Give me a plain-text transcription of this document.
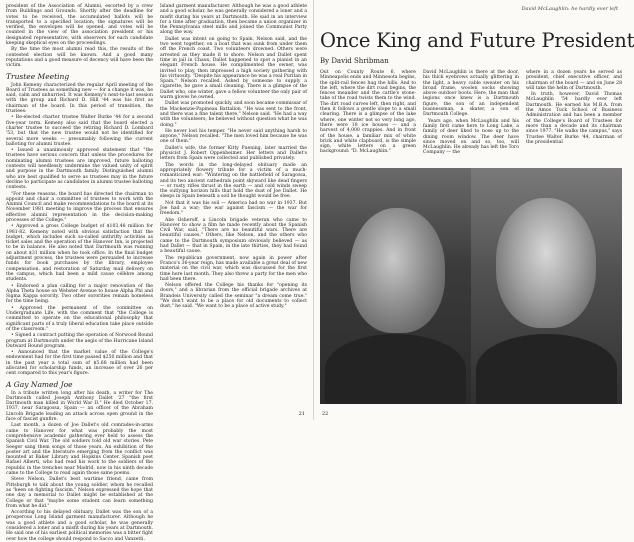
president of the Association of Alumni, escorted by a crew from Buildings and Grounds. Shortly after the deadline for votes to be received, the accumulated ballots will be transported to a specified location; the signatures will be verified, the envelopes will be opened, and votes will be counted in the view of the association president or his designated representative, with observers for each candidate keeping skeptical eyes on the proceedings.

By the time the most alumni read this, the results of the contested election will be known. And a good many reputations and a good measure of decency will have been the victim.

Trustee Meeting

John Kemeny characterized the regular April meeting of the Board of Trustees as something new — for a change it was, he said, calm and unhurried. It was Kemeny's next-to-last session with the group and Richard D. Hill '44 was his first as chairman of the board. In this period of transition, the trustees:

• Re-elected charter trustee Walter Burke '44 for a second five-year term. Kemeny also said that the board elected a charter trustee to succeed the retiring Richard D. Lombard '53, but that the new trustee would not be identified for several more weeks — presumably following the current balloting for alumni trustee.

• Issued a unanimously approved statement that "the trustees have serious concern that unless the procedures for nominating alumni trustees are improved, future balloting contests will needlessly undermine the valued unity of spirit and purpose in the Dartmouth family. Distinguished alumni who are best qualified to serve as trustees may in the future decline to participate as candidates in alumni trustee balloting contests.

"For these reasons, the board has directed the chairman to appoint and chair a committee of trustees to work with the Alumni Council and make recommendations to the board at its November 1981 meeting to improve the process that ensures effective alumni representation in the decision-making processes of the College."

• Approved a gross College budget of $103.48 million for 1981-82. Kemeny noted with obvious satisfaction that the budget, which includes such so-called unthrifty activities as ticket sales and the operation of the Hanover Inn, is projected to be in balance. He also noted that Dartmouth was running on about $31 million when he took office. In the final budget adjustment process, the trustees were persuaded to increase funds for book purchases by the library, employee compensation, and restoration of Saturday mail delivery on the campus, which had been a mild cause célèbre among students.

• Endorsed a plan calling for a major renovation of the Alpha Theta house on Webster Avenue to house Alpha Phi and Sigma Kappa sorority. Two other sororities remain homeless for the time being.

• Approved the permanent of the committee on Undergraduate Life, with the comment that "the College is committed to operate on the educational philosophy that significant parts of a truly liberal education take place outside of the classroom."

• Signed a contract putting the operation of Norwood Bound program at Dartmouth under the aegis of the Hurricane Island Outward Bound program.

• Announced that the market value of the College's endowment had for the first time passed $250 million and that in the past year a total sum of $5.68 million had been allocated for scholarship funds, an increase of over 26 per cent compared to this year's figure.

A Gay Named Joe

In a tribute written long after his death, a writer for The Dartmouth called Joseph Anthony Dallet '27 "the first Dartmouth man killed in World War II." He died October 17, 1937, near Saragossa, Spain — an officer of the Abraham Lincoln Brigade leading an attack across open ground in the face of fascist gunfire.

Last month, a dozen of Joe Dallet's old comrades-in-arms came to Hanover for what was probably the most comprehensive academic gathering ever held to assess the Spanish Civil War. The old soldiers told old war stories. Pete Seeger sang them songs of those years. An exhibition of the poster art and the literature emerging from the conflict was mounted at Baker Library and Hopkins Center. Spanish poet Rafael Alberti, who had read his work to the soldiers of the republic in the trenches near Madrid, now in his ninth decade came to the College to read again those same poems.

Steve Nelson, Dallet's best wartime friend, came from Pittsburgh to talk about the young soldier, whom he recalled as "keen on fighting fascism." Nelson expressed the hope that one day a memorial to Dallet might be established at the College or that "maybe some student can learn something from what he did."

According to his delayed obituary, Dallet was the son of a prosperous Long Island garment manufacturer. Although he was a good athlete and a good scholar, he was generally considered a loner and a misfit during his years at Dartmouth. He said one of his earliest political memories was a bitter fight over how the college should respond to Sacco and Vanzetti.

Island garment manufacturer. Although he was a good athlete and a good scholar, he was generally considered a loner and a misfit during his years at Dartmouth. He said in an interview for a time after graduation, then became a union organizer in the Pennsylvania steel mills and joined the Communist Party along the way.

Dallet was intent on going to Spain, Nelson said, and the two went together, on a boat that was sunk from under them off the French coast. Two volunteers drowned. Others were arrested as they made it to shore. Nelson and Dallet spent time in jail in Chaux, Dallet happened to spot a pianist in an elegant French house. He complimented the owner, was invited to play, then impressed a high society gathering with his virtuosity. "Despite his appearance he was a real Puritan in Spain," Nelson recalled. Asked by someone to supply a cigarette, he gave a small cleaning. There is a glimpse of the Dallet who, one winter, gave a fellow volunteer the only pair of warm gloves he owned.

Dallet was promoted quickly, and soon became commissar of the Mackenzie-Papineau Battalion. "He was sent to the front, and there was a fine talent there," Nelson said. "He had a way with the volunteers; he believed without question what he was doing."

He never lost his temper. "He never said anything harsh to anyone," Nelson recalled. "The men loved him because he was one of them."

Dallet's wife, the former Kitty Puening, later married the physicist J. Robert Oppenheimer. Her letters and Dallet's letters from Spain were collected and published privately.

The words in the long-delayed obituary made an appropriately flowery tribute for a victim of a much-romanticized war: "Wintering on the battlefield of Saragossa, and its two ancient cathedrals point skyward like dead fingers — or rusty rifles thrust in the earth — and cold winds sweep the outlying horizon hills that hold the dust of Joe Dallet. He sleeps in Spain beneath a soil he thought would be free.

Not that it was his soil — America had no war in 1937. But Joe had a war; the war against fascism — the war for freedom."

Abe Osheroff, a Lincoln brigade veteran who came to Hanover to show a film he made recently about the Spanish Civil War, said, "There are no beautiful wars. There are beautiful causes." Others, like Nelson, and the others who came to the Dartmouth symposium obviously believed — as had Dallet — that in Spain, in the late thirties, they had found a beautiful cause.

The republican government, now again in power after Franco's 36-year reign, has made available a great deal of new material on the civil war, which was discussed for the first time here last month. They also threw a party for the men who had been there.

Nelson offered the College his thanks for "opening its doors," and a librarian from the official brigade archives at Brandeis University called the seminar "a dream come true." "We don't want to be a place for old documents to collect dust," he said. "We want to be a place of active study."

21
David McLaughlin: he hardly ever left
Once King and Future President
By David Shribman

Out on County Route 6, where Minneapolis ends and Minnesota begins, the split-rail fences hug the hills. And to the left, where the dirt road begins, the fences meander and the cattle's stone-take of the road twists them to the wind. The dirt road curves left, then right, and then it follows a gentle slope to a small clearing. There is a glimpse of the lake where, one winter not so very long ago, there were 18 ice houses — and a harvest of 4,000 crappies. And in front of the house, a familiar mix of white brick and white clapboard, is the simple sign, white letters on a green background: "D. McLaughlin."

David McLaughlin is there at the door, his thick eyebrows actually glittering in the light, a heavy cable sweater on his broad frame, woolen socks showing above outdoor boots. Here, the man that legions once knew is a Dartmouth figure, the son of an independent businessman, a skater, a son of Dartmouth College.

Years ago, when McLaughlin and his family first came here to Long Lake, a family of deer liked to nose up to the dining room window. The deer have since moved on and so, too, will McLaughlin. He already has left the Toro Company — the

where in a dozen years he served as president, chief executive officer, and chairman of the board — and on June 28 will take the helm of Dartmouth.

In truth, however, David Thomas McLaughlin '54 hardly ever left Dartmouth. He earned his M.B.A. from the Amos Tuck School of Business Administration and has been a member of the College's Board of Trustees for more than a decade and its chairman since 1977. "He walks the campus," says Trustee Walter Burke '44, chairman of the presidential

22
